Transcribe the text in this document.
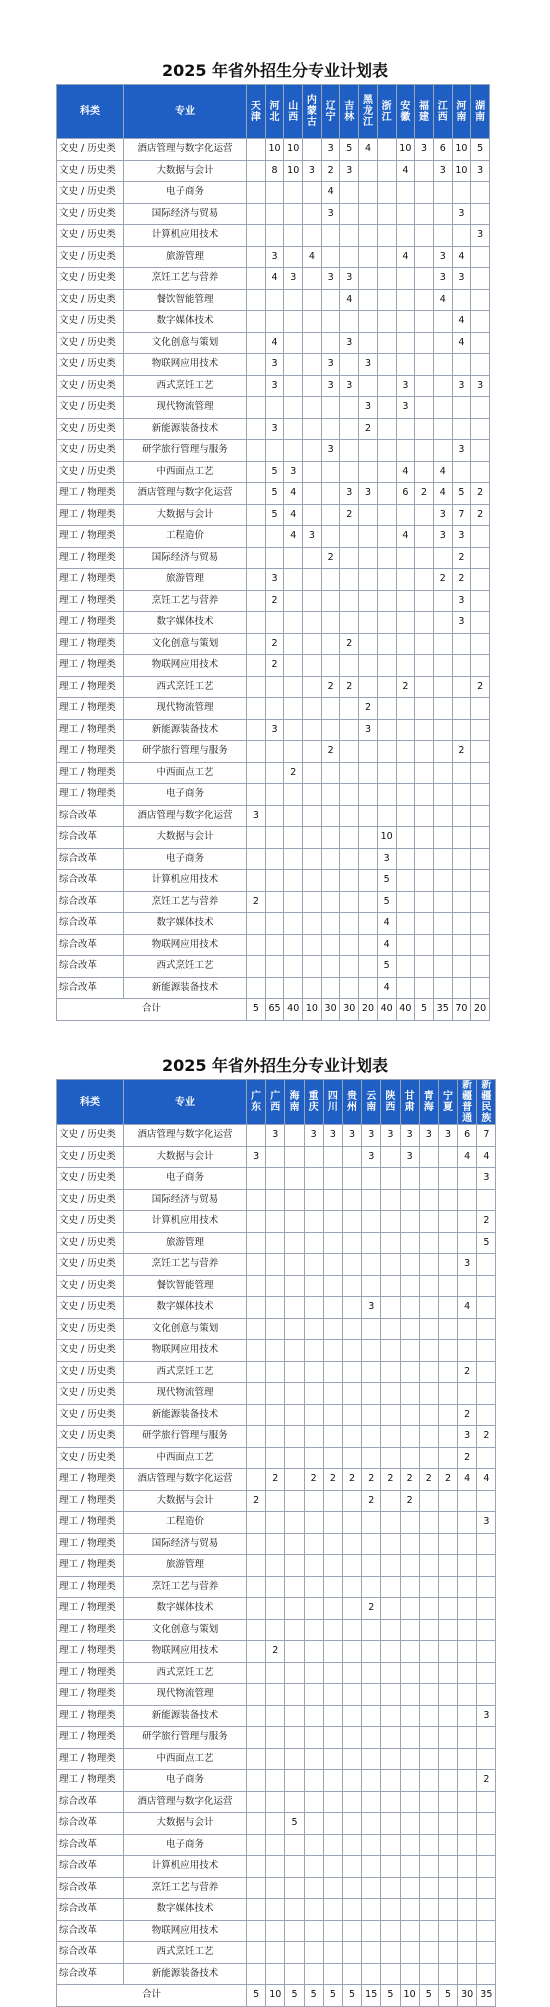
2025 年省外招生分专业计划表
科类	专业	天津	河北	山西	内蒙古	辽宁	吉林	黑龙江	浙江	安徽	福建	江西	河南	湖南
文史 / 历史类	酒店管理与数字化运营		10	10		3	5	4		10	3	6	10	5
文史 / 历史类	大数据与会计		8	10	3	2	3			4		3	10	3
文史 / 历史类	电子商务					4								
文史 / 历史类	国际经济与贸易					3							3	
文史 / 历史类	计算机应用技术													3
文史 / 历史类	旅游管理		3		4					4		3	4	
文史 / 历史类	烹饪工艺与营养		4	3		3	3					3	3	
文史 / 历史类	餐饮智能管理						4					4		
文史 / 历史类	数字媒体技术												4	
文史 / 历史类	文化创意与策划		4				3						4	
文史 / 历史类	物联网应用技术		3			3		3						
文史 / 历史类	西式烹饪工艺		3			3	3			3			3	3
文史 / 历史类	现代物流管理							3		3				
文史 / 历史类	新能源装备技术		3					2						
文史 / 历史类	研学旅行管理与服务					3							3	
文史 / 历史类	中西面点工艺		5	3						4		4		
理工 / 物理类	酒店管理与数字化运营		5	4			3	3		6	2	4	5	2
理工 / 物理类	大数据与会计		5	4			2					3	7	2
理工 / 物理类	工程造价			4	3					4		3	3	
理工 / 物理类	国际经济与贸易					2							2	
理工 / 物理类	旅游管理		3									2	2	
理工 / 物理类	烹饪工艺与营养		2										3	
理工 / 物理类	数字媒体技术												3	
理工 / 物理类	文化创意与策划		2				2							
理工 / 物理类	物联网应用技术		2											
理工 / 物理类	西式烹饪工艺					2	2			2				2
理工 / 物理类	现代物流管理							2						
理工 / 物理类	新能源装备技术		3					3						
理工 / 物理类	研学旅行管理与服务					2							2	
理工 / 物理类	中西面点工艺			2										
理工 / 物理类	电子商务													
综合改革	酒店管理与数字化运营	3												
综合改革	大数据与会计								10					
综合改革	电子商务								3					
综合改革	计算机应用技术								5					
综合改革	烹饪工艺与营养	2							5					
综合改革	数字媒体技术								4					
综合改革	物联网应用技术								4					
综合改革	西式烹饪工艺								5					
综合改革	新能源装备技术								4					
合计		5	65	40	10	30	30	20	40	40	5	35	70	20
2025 年省外招生分专业计划表
科类	专业	广东	广西	海南	重庆	四川	贵州	云南	陕西	甘肃	青海	宁夏	新疆普通	新疆民族
文史 / 历史类	酒店管理与数字化运营		3		3	3	3	3	3	3	3	3	6	7
文史 / 历史类	大数据与会计	3						3		3			4	4
文史 / 历史类	电子商务													3
文史 / 历史类	国际经济与贸易													
文史 / 历史类	计算机应用技术													2
文史 / 历史类	旅游管理													5
文史 / 历史类	烹饪工艺与营养												3	
文史 / 历史类	餐饮智能管理													
文史 / 历史类	数字媒体技术							3					4	
文史 / 历史类	文化创意与策划													
文史 / 历史类	物联网应用技术													
文史 / 历史类	西式烹饪工艺												2	
文史 / 历史类	现代物流管理													
文史 / 历史类	新能源装备技术												2	
文史 / 历史类	研学旅行管理与服务												3	2
文史 / 历史类	中西面点工艺												2	
理工 / 物理类	酒店管理与数字化运营		2		2	2	2	2	2	2	2	2	4	4
理工 / 物理类	大数据与会计	2						2		2				
理工 / 物理类	工程造价													3
理工 / 物理类	国际经济与贸易													
理工 / 物理类	旅游管理													
理工 / 物理类	烹饪工艺与营养													
理工 / 物理类	数字媒体技术							2						
理工 / 物理类	文化创意与策划													
理工 / 物理类	物联网应用技术		2											
理工 / 物理类	西式烹饪工艺													
理工 / 物理类	现代物流管理													
理工 / 物理类	新能源装备技术													3
理工 / 物理类	研学旅行管理与服务													
理工 / 物理类	中西面点工艺													
理工 / 物理类	电子商务													2
综合改革	酒店管理与数字化运营													
综合改革	大数据与会计			5										
综合改革	电子商务													
综合改革	计算机应用技术													
综合改革	烹饪工艺与营养													
综合改革	数字媒体技术													
综合改革	物联网应用技术													
综合改革	西式烹饪工艺													
综合改革	新能源装备技术													
合计		5	10	5	5	5	5	15	5	10	5	5	30	35
